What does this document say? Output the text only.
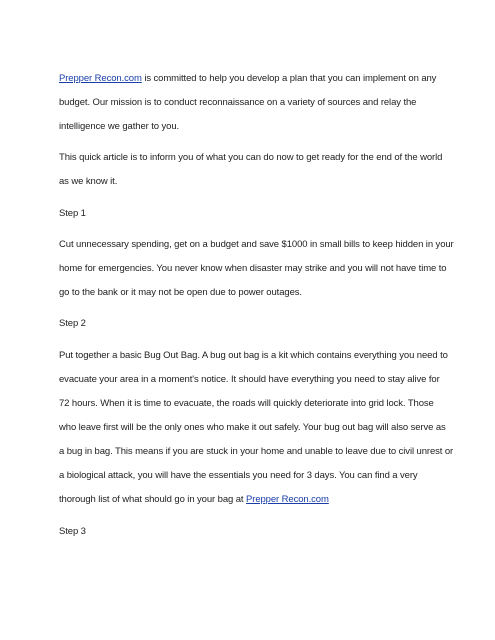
Prepper Recon.com is committed to help you develop a plan that you can implement on any
budget. Our mission is to conduct reconnaissance on a variety of sources and relay the
intelligence we gather to you.
This quick article is to inform you of what you can do now to get ready for the end of the world
as we know it.
Step 1
Cut unnecessary spending, get on a budget and save $1000 in small bills to keep hidden in your
home for emergencies. You never know when disaster may strike and you will not have time to
go to the bank or it may not be open due to power outages.
Step 2
Put together a basic Bug Out Bag. A bug out bag is a kit which contains everything you need to
evacuate your area in a moment's notice. It should have everything you need to stay alive for
72 hours. When it is time to evacuate, the roads will quickly deteriorate into grid lock. Those
who leave first will be the only ones who make it out safely. Your bug out bag will also serve as
a bug in bag. This means if you are stuck in your home and unable to leave due to civil unrest or
a biological attack, you will have the essentials you need for 3 days. You can find a very
thorough list of what should go in your bag at Prepper Recon.com
Step 3
